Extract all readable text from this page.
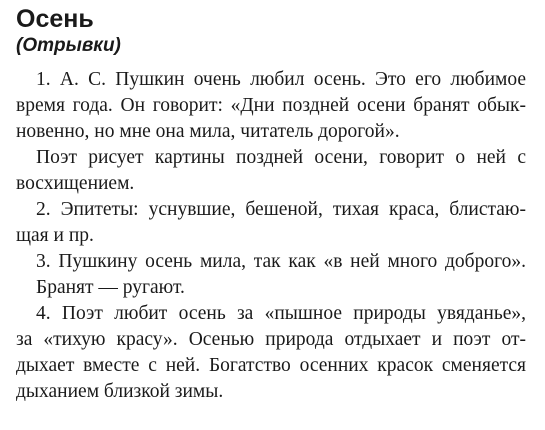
Осень
(Отрывки)
1. А. С. Пушкин очень любил осень. Это его любимое
время года. Он говорит: «Дни поздней осени бранят обык-
новенно, но мне она мила, читатель дорогой».
Поэт рисует картины поздней осени, говорит о ней с
восхищением.
2. Эпитеты: уснувшие, бешеной, тихая краса, блистаю-
щая и пр.
3. Пушкину осень мила, так как «в ней много доброго».
Бранят — ругают.
4. Поэт любит осень за «пышное природы увяданье»,
за «тихую красу». Осенью природа отдыхает и поэт от-
дыхает вместе с ней. Богатство осенних красок сменяется
дыханием близкой зимы.
